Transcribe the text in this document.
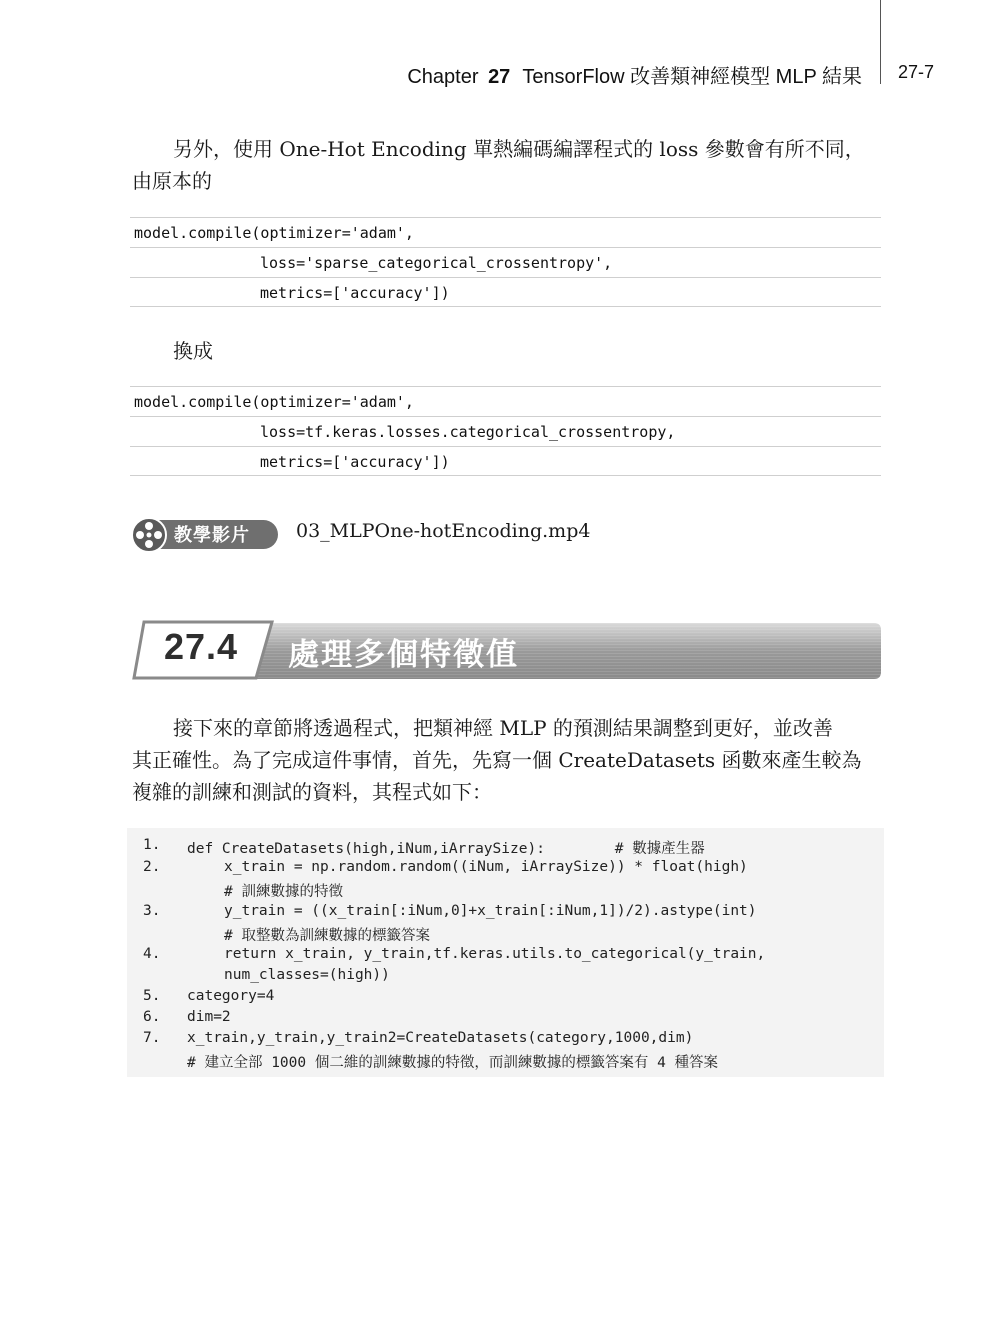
Chapter 27 TensorFlow 改善類神經模型 MLP 結果 27-7
另外，使用 One-Hot Encoding 單熱編碼編譯程式的 loss 參數會有所不同，
由原本的
model.compile(optimizer='adam',
loss='sparse_categorical_crossentropy',
metrics=['accuracy'])
換成
model.compile(optimizer='adam',
loss=tf.keras.losses.categorical_crossentropy,
metrics=['accuracy'])
教學影片 03_MLPOne-hotEncoding.mp4
27.4 處理多個特徵值
接下來的章節將透過程式，把類神經 MLP 的預測結果調整到更好，並改善
其正確性。為了完成這件事情，首先，先寫一個 CreateDatasets 函數來產生較為
複雜的訓練和測試的資料，其程式如下：
1. def CreateDatasets(high,iNum,iArraySize):        # 數據產生器
2.	x_train = np.random.random((iNum, iArraySize)) * float(high)
# 訓練數據的特徵
3.	y_train = ((x_train[:iNum,0]+x_train[:iNum,1])/2).astype(int)
# 取整數為訓練數據的標籤答案
4.	return x_train, y_train,tf.keras.utils.to_categorical(y_train,
num_classes=(high))
5. category=4
6. dim=2
7. x_train,y_train,y_train2=CreateDatasets(category,1000,dim)
# 建立全部 1000 個二維的訓練數據的特徵，而訓練數據的標籤答案有 4 種答案
